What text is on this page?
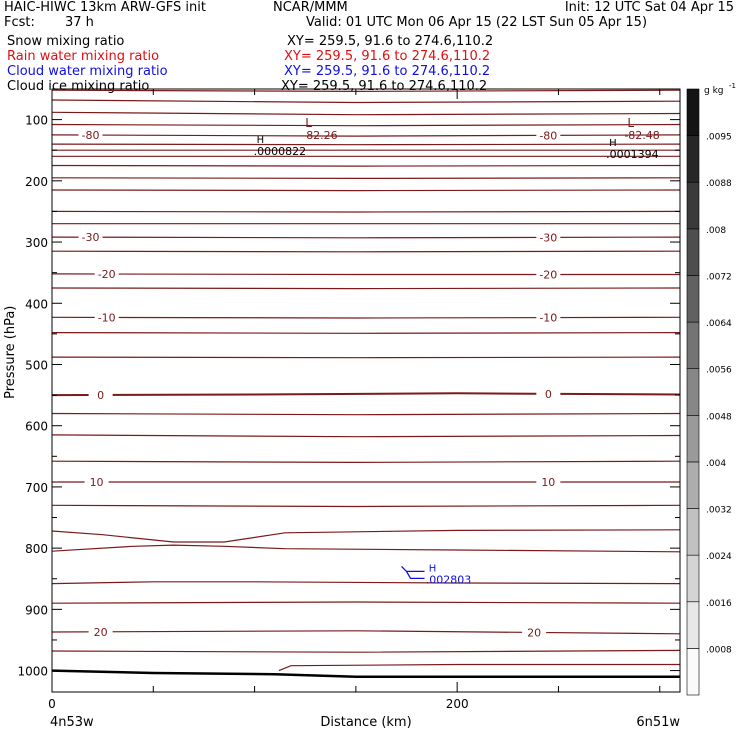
HAIC-HIWC 13km ARW-GFS init	NCAR/MMM	Init: 12 UTC Sat 04 Apr 15
Fcst: 37 h	Valid: 01 UTC Mon 06 Apr 15 (22 LST Sun 05 Apr 15)
Snow mixing ratio	XY= 259.5, 91.6 to 274.6,110.2
Rain water mixing ratio	XY= 259.5, 91.6 to 274.6,110.2
Cloud water mixing ratio	XY= 259.5, 91.6 to 274.6,110.2
Cloud ice mixing ratio	XY= 259.5, 91.6 to 274.6,110.2
-80	-80
-30	-30
-20	-20
-10	-10
0	0
10	10
20	20
L
-82.26
L
-82.48
H
.0000822
H
.0001394
H
.002803
100
200
300
400
500
600
700
800
900
1000
0	200
Pressure (hPa)
Distance (km)
4n53w	6n51w
.0008
.0016
.0024
.0032
.004
.0048
.0056
.0064
.0072
.008
.0088
.0095
g kg -1
